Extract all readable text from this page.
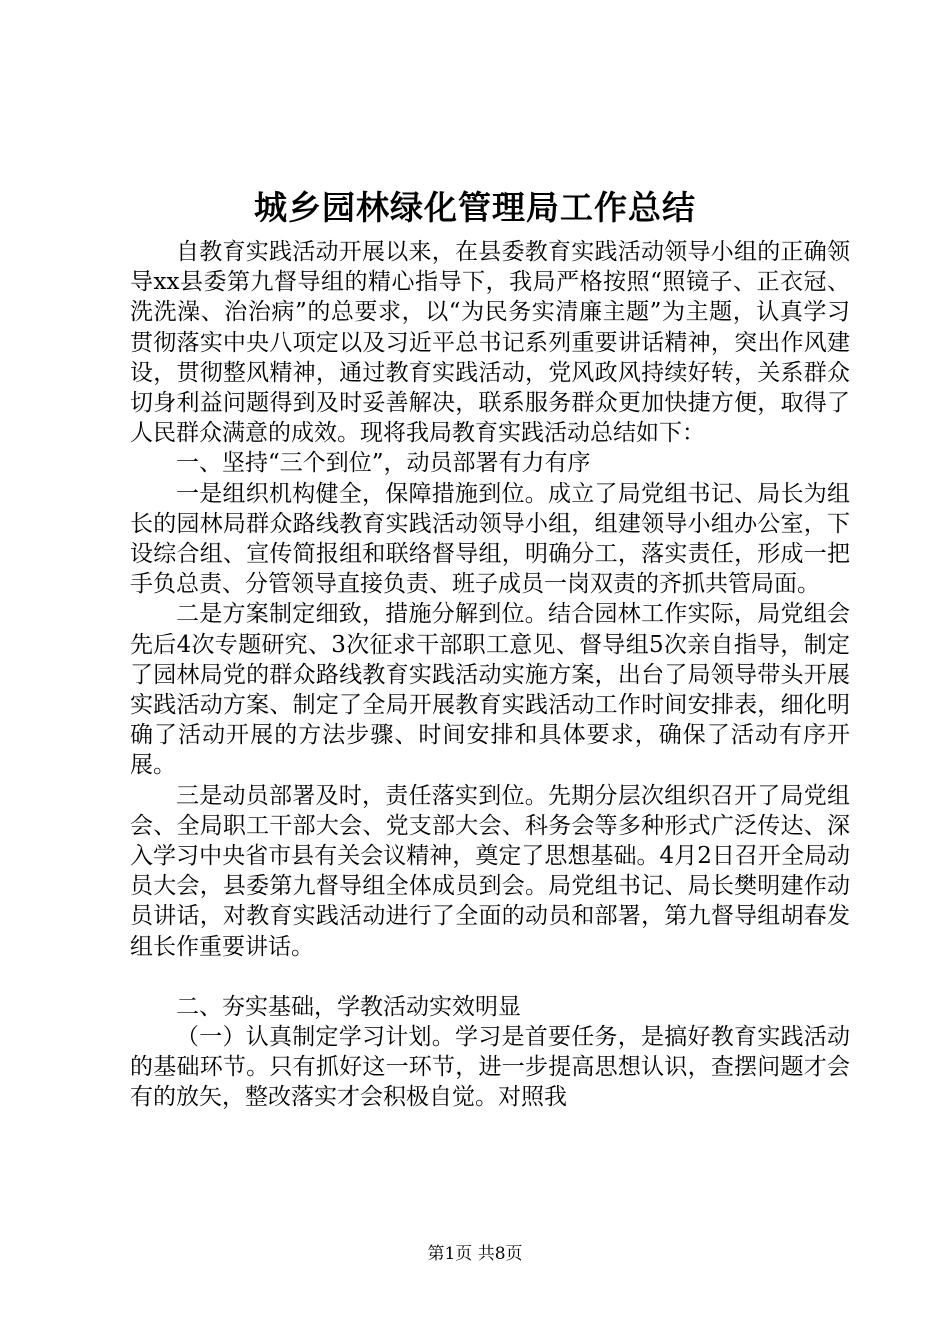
城乡园林绿化管理局工作总结

自教育实践活动开展以来，在县委教育实践活动领导小组的正确领导xx县委第九督导组的精心指导下，我局严格按照“照镜子、正衣冠、洗洗澡、治治病”的总要求，以“为民务实清廉主题”为主题，认真学习贯彻落实中央八项定以及习近平总书记系列重要讲话精神，突出作风建设，贯彻整风精神，通过教育实践活动，党风政风持续好转，关系群众切身利益问题得到及时妥善解决，联系服务群众更加快捷方便，取得了人民群众满意的成效。现将我局教育实践活动总结如下：

一、坚持“三个到位”，动员部署有力有序

一是组织机构健全，保障措施到位。成立了局党组书记、局长为组长的园林局群众路线教育实践活动领导小组，组建领导小组办公室，下设综合组、宣传简报组和联络督导组，明确分工，落实责任，形成一把手负总责、分管领导直接负责、班子成员一岗双责的齐抓共管局面。

二是方案制定细致，措施分解到位。结合园林工作实际，局党组会先后4次专题研究、3次征求干部职工意见、督导组5次亲自指导，制定了园林局党的群众路线教育实践活动实施方案，出台了局领导带头开展实践活动方案、制定了全局开展教育实践活动工作时间安排表，细化明确了活动开展的方法步骤、时间安排和具体要求，确保了活动有序开展。

三是动员部署及时，责任落实到位。先期分层次组织召开了局党组会、全局职工干部大会、党支部大会、科务会等多种形式广泛传达、深入学习中央省市县有关会议精神，奠定了思想基础。4月2日召开全局动员大会，县委第九督导组全体成员到会。局党组书记、局长樊明建作动员讲话，对教育实践活动进行了全面的动员和部署，第九督导组胡春发组长作重要讲话。

二、夯实基础，学教活动实效明显

（一）认真制定学习计划。学习是首要任务，是搞好教育实践活动的基础环节。只有抓好这一环节，进一步提高思想认识，查摆问题才会有的放矢，整改落实才会积极自觉。对照我

第1页 共8页
